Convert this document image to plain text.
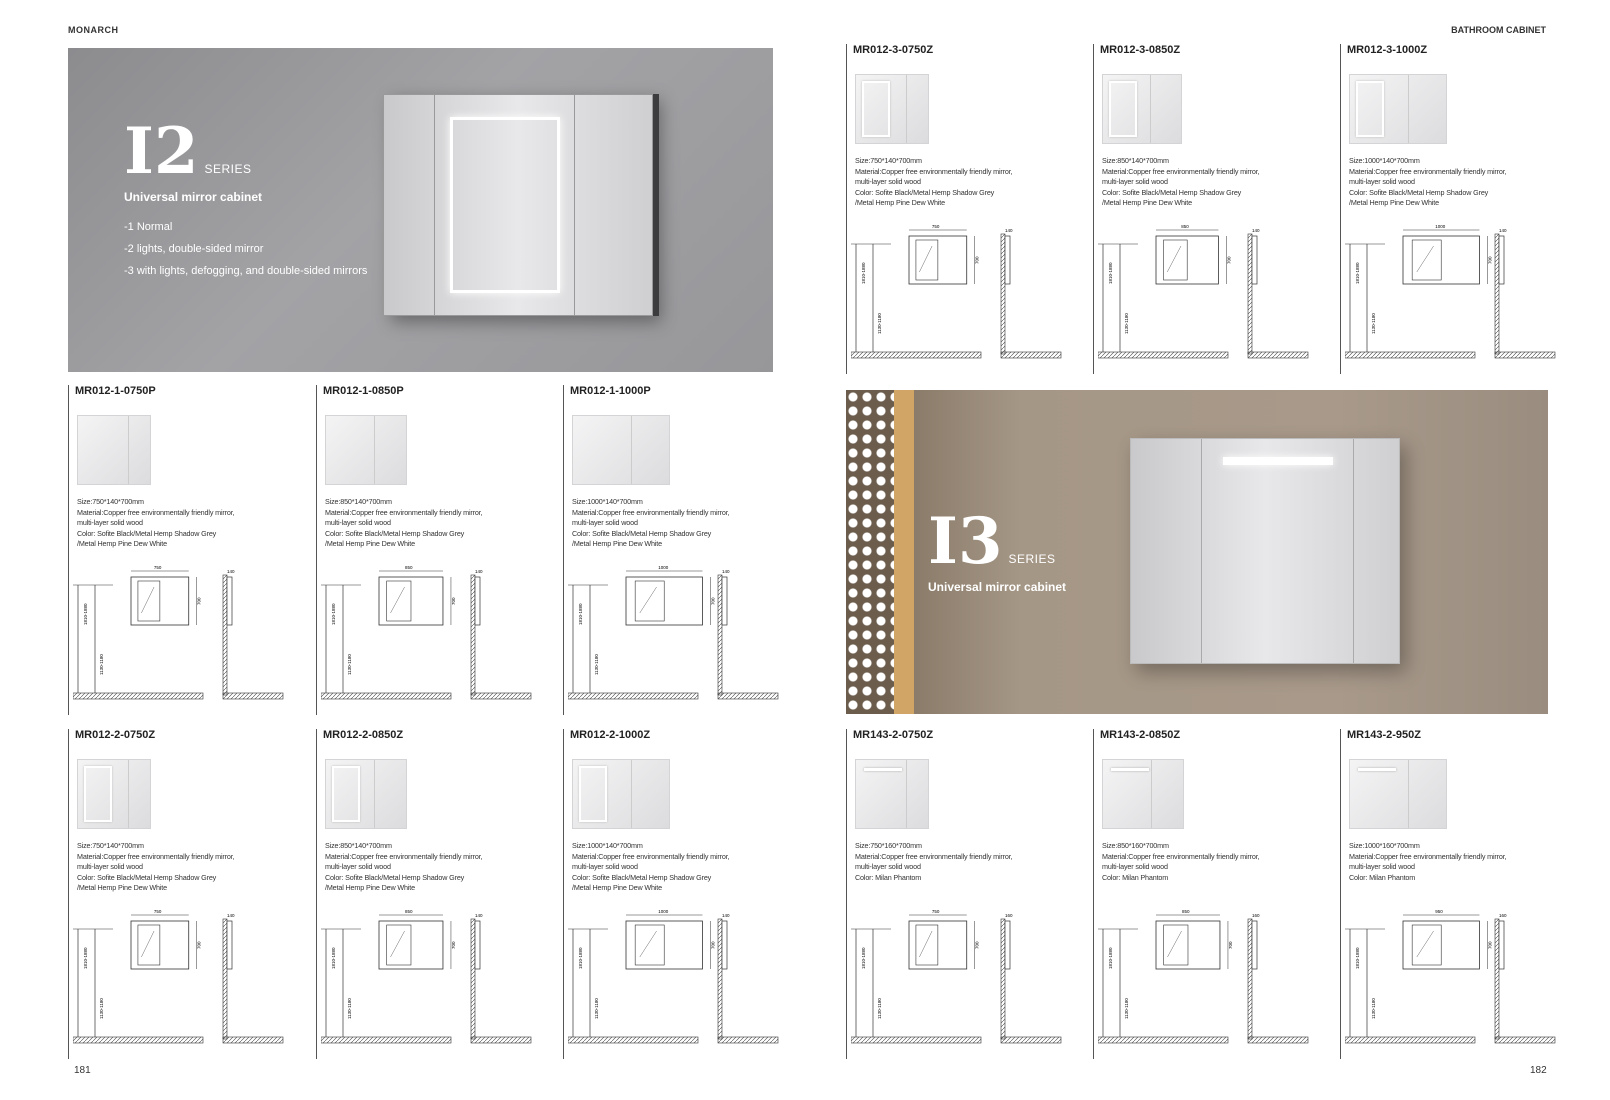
MONARCH	BATHROOM CABINET
I2 SERIES
Universal mirror cabinet
-1 Normal
-2 lights, double-sided mirror
-3 with lights, defogging, and double-sided mirrors
I3 SERIES
Universal mirror cabinet
MR012-3-0750Z
Size:750*140*700mm
Material:Copper free environmentally friendly mirror,
multi-layer solid wood
Color: Sofite Black/Metal Hemp Shadow Grey
/Metal Hemp Pine Dew White
1810-1880
1130-1180
750
700
140
MR012-3-0850Z
Size:850*140*700mm
Material:Copper free environmentally friendly mirror,
multi-layer solid wood
Color: Sofite Black/Metal Hemp Shadow Grey
/Metal Hemp Pine Dew White
1810-1880
1130-1180
850
700
140
MR012-3-1000Z
Size:1000*140*700mm
Material:Copper free environmentally friendly mirror,
multi-layer solid wood
Color: Sofite Black/Metal Hemp Shadow Grey
/Metal Hemp Pine Dew White
1810-1880
1130-1180
1000
700
140
MR012-1-0750P
Size:750*140*700mm
Material:Copper free environmentally friendly mirror,
multi-layer solid wood
Color: Sofite Black/Metal Hemp Shadow Grey
/Metal Hemp Pine Dew White
1810-1880
1130-1180
750
700
140
MR012-1-0850P
Size:850*140*700mm
Material:Copper free environmentally friendly mirror,
multi-layer solid wood
Color: Sofite Black/Metal Hemp Shadow Grey
/Metal Hemp Pine Dew White
1810-1880
1130-1180
850
700
140
MR012-1-1000P
Size:1000*140*700mm
Material:Copper free environmentally friendly mirror,
multi-layer solid wood
Color: Sofite Black/Metal Hemp Shadow Grey
/Metal Hemp Pine Dew White
1810-1880
1130-1180
1000
700
140
MR012-2-0750Z
Size:750*140*700mm
Material:Copper free environmentally friendly mirror,
multi-layer solid wood
Color: Sofite Black/Metal Hemp Shadow Grey
/Metal Hemp Pine Dew White
1810-1880
1130-1180
750
700
140
MR012-2-0850Z
Size:850*140*700mm
Material:Copper free environmentally friendly mirror,
multi-layer solid wood
Color: Sofite Black/Metal Hemp Shadow Grey
/Metal Hemp Pine Dew White
1810-1880
1130-1180
850
700
140
MR012-2-1000Z
Size:1000*140*700mm
Material:Copper free environmentally friendly mirror,
multi-layer solid wood
Color: Sofite Black/Metal Hemp Shadow Grey
/Metal Hemp Pine Dew White
1810-1880
1130-1180
1000
700
140
MR143-2-0750Z
Size:750*160*700mm
Material:Copper free environmentally friendly mirror,
multi-layer solid wood
Color: Milan Phantom
1810-1880
1130-1180
750
700
160
MR143-2-0850Z
Size:850*160*700mm
Material:Copper free environmentally friendly mirror,
multi-layer solid wood
Color: Milan Phantom
1810-1880
1130-1180
850
700
160
MR143-2-950Z
Size:1000*160*700mm
Material:Copper free environmentally friendly mirror,
multi-layer solid wood
Color: Milan Phantom
1810-1880
1130-1180
950
700
160
181	182
